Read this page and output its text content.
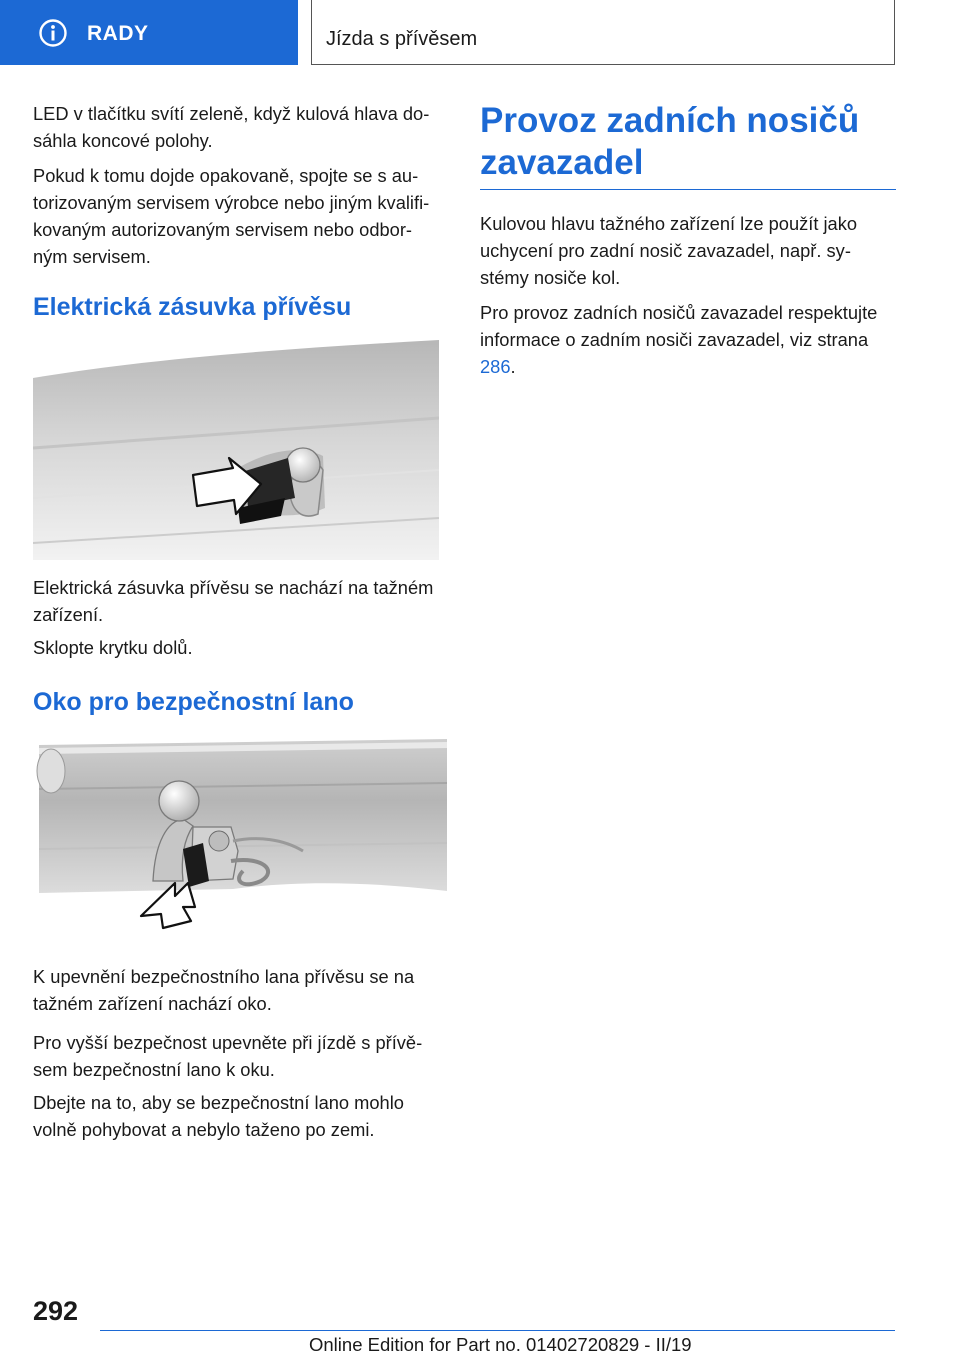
RADY	Jízda s přívěsem

LED v tlačítku svítí zeleně, když kulová hlava do-sáhla koncové polohy.

Pokud k tomu dojde opakovaně, spojte se s au-torizovaným servisem výrobce nebo jiným kvalifi-kovaným autorizovaným servisem nebo odbor-ným servisem.

Elektrická zásuvka přívěsu

Elektrická zásuvka přívěsu se nachází na tažném zařízení.

Sklopte krytku dolů.

Oko pro bezpečnostní lano

K upevnění bezpečnostního lana přívěsu se na tažném zařízení nachází oko.

Pro vyšší bezpečnost upevněte při jízdě s přívě-sem bezpečnostní lano k oku.

Dbejte na to, aby se bezpečnostní lano mohlo volně pohybovat a nebylo taženo po zemi.

Provoz zadních nosičů
zavazadel

Kulovou hlavu tažného zařízení lze použít jako uchycení pro zadní nosič zavazadel, např. sy-stémy nosiče kol.

Pro provoz zadních nosičů zavazadel respektujte informace o zadním nosiči zavazadel, viz strana 286.

292
Online Edition for Part no. 01402720829 - II/19
